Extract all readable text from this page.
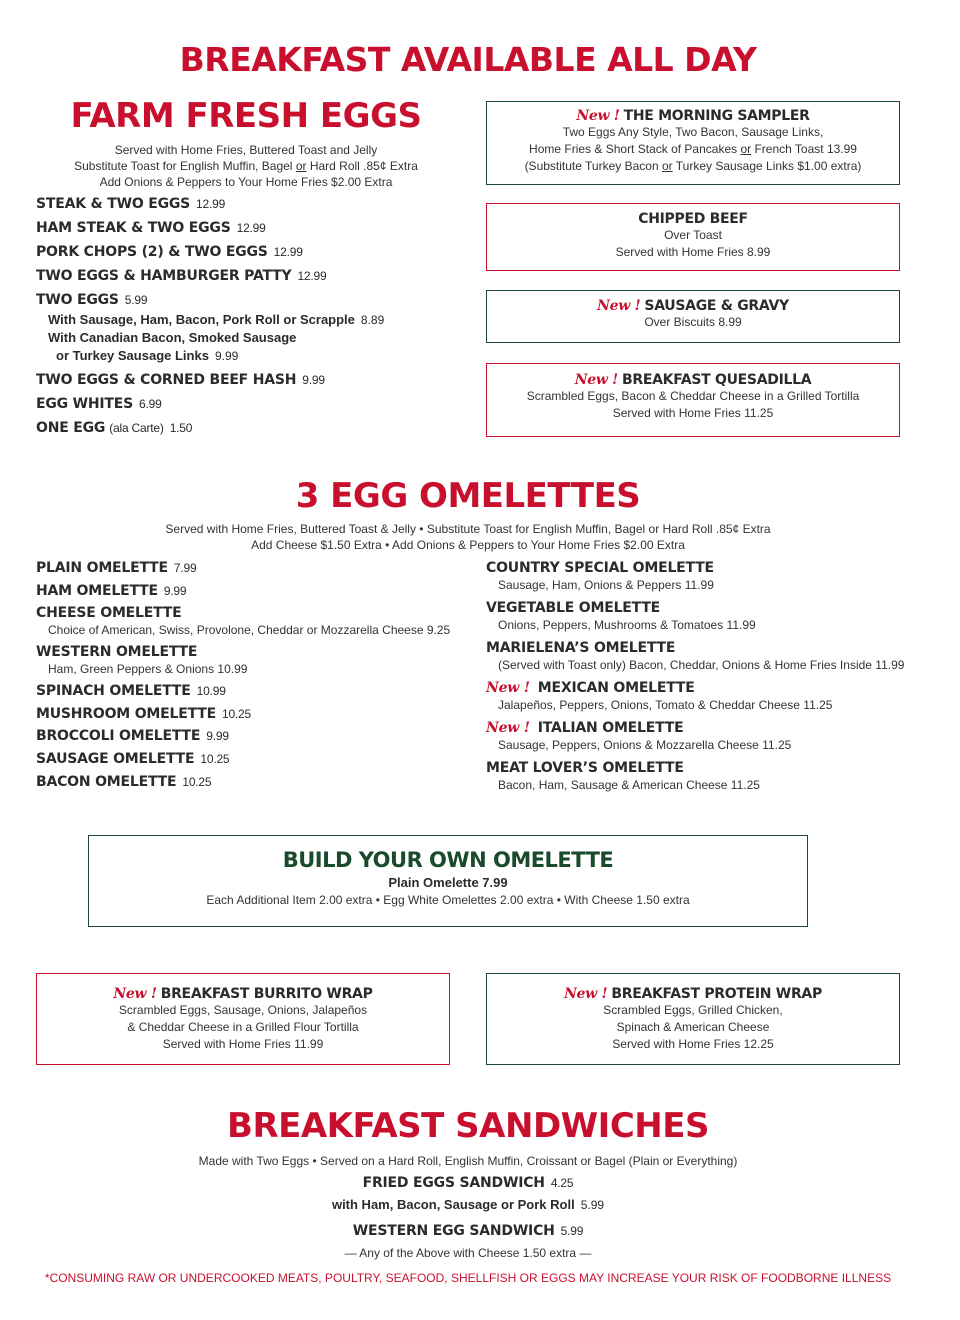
BREAKFAST AVAILABLE ALL DAY
FARM FRESH EGGS
Served with Home Fries, Buttered Toast and Jelly
Substitute Toast for English Muffin, Bagel or Hard Roll .85¢ Extra
Add Onions & Peppers to Your Home Fries $2.00 Extra
STEAK & TWO EGGS 12.99
HAM STEAK & TWO EGGS 12.99
PORK CHOPS (2) & TWO EGGS 12.99
TWO EGGS & HAMBURGER PATTY 12.99
TWO EGGS 5.99
With Sausage, Ham, Bacon, Pork Roll or Scrapple 8.89
With Canadian Bacon, Smoked Sausage
or Turkey Sausage Links 9.99
TWO EGGS & CORNED BEEF HASH 9.99
EGG WHITES 6.99
ONE EGG (ala Carte) 1.50
New ! THE MORNING SAMPLER
Two Eggs Any Style, Two Bacon, Sausage Links,
Home Fries & Short Stack of Pancakes or French Toast 13.99
(Substitute Turkey Bacon or Turkey Sausage Links $1.00 extra)
CHIPPED BEEF
Over Toast
Served with Home Fries 8.99
New ! SAUSAGE & GRAVY
Over Biscuits 8.99
New ! BREAKFAST QUESADILLA
Scrambled Eggs, Bacon & Cheddar Cheese in a Grilled Tortilla
Served with Home Fries 11.25
3 EGG OMELETTES
Served with Home Fries, Buttered Toast & Jelly • Substitute Toast for English Muffin, Bagel or Hard Roll .85¢ Extra
Add Cheese $1.50 Extra • Add Onions & Peppers to Your Home Fries $2.00 Extra
PLAIN OMELETTE 7.99
HAM OMELETTE 9.99
CHEESE OMELETTE
Choice of American, Swiss, Provolone, Cheddar or Mozzarella Cheese 9.25
WESTERN OMELETTE
Ham, Green Peppers & Onions 10.99
SPINACH OMELETTE 10.99
MUSHROOM OMELETTE 10.25
BROCCOLI OMELETTE 9.99
SAUSAGE OMELETTE 10.25
BACON OMELETTE 10.25
COUNTRY SPECIAL OMELETTE
Sausage, Ham, Onions & Peppers 11.99
VEGETABLE OMELETTE
Onions, Peppers, Mushrooms & Tomatoes 11.99
MARIELENA’S OMELETTE
(Served with Toast only) Bacon, Cheddar, Onions & Home Fries Inside 11.99
New ! MEXICAN OMELETTE
Jalapeños, Peppers, Onions, Tomato & Cheddar Cheese 11.25
New ! ITALIAN OMELETTE
Sausage, Peppers, Onions & Mozzarella Cheese 11.25
MEAT LOVER’S OMELETTE
Bacon, Ham, Sausage & American Cheese 11.25
BUILD YOUR OWN OMELETTE
Plain Omelette 7.99
Each Additional Item 2.00 extra • Egg White Omelettes 2.00 extra • With Cheese 1.50 extra
New ! BREAKFAST BURRITO WRAP
Scrambled Eggs, Sausage, Onions, Jalapeños
& Cheddar Cheese in a Grilled Flour Tortilla
Served with Home Fries 11.99
New ! BREAKFAST PROTEIN WRAP
Scrambled Eggs, Grilled Chicken,
Spinach & American Cheese
Served with Home Fries 12.25
BREAKFAST SANDWICHES
Made with Two Eggs • Served on a Hard Roll, English Muffin, Croissant or Bagel (Plain or Everything)
FRIED EGGS SANDWICH 4.25
with Ham, Bacon, Sausage or Pork Roll 5.99
WESTERN EGG SANDWICH 5.99
— Any of the Above with Cheese 1.50 extra —
*CONSUMING RAW OR UNDERCOOKED MEATS, POULTRY, SEAFOOD, SHELLFISH OR EGGS MAY INCREASE YOUR RISK OF FOODBORNE ILLNESS
